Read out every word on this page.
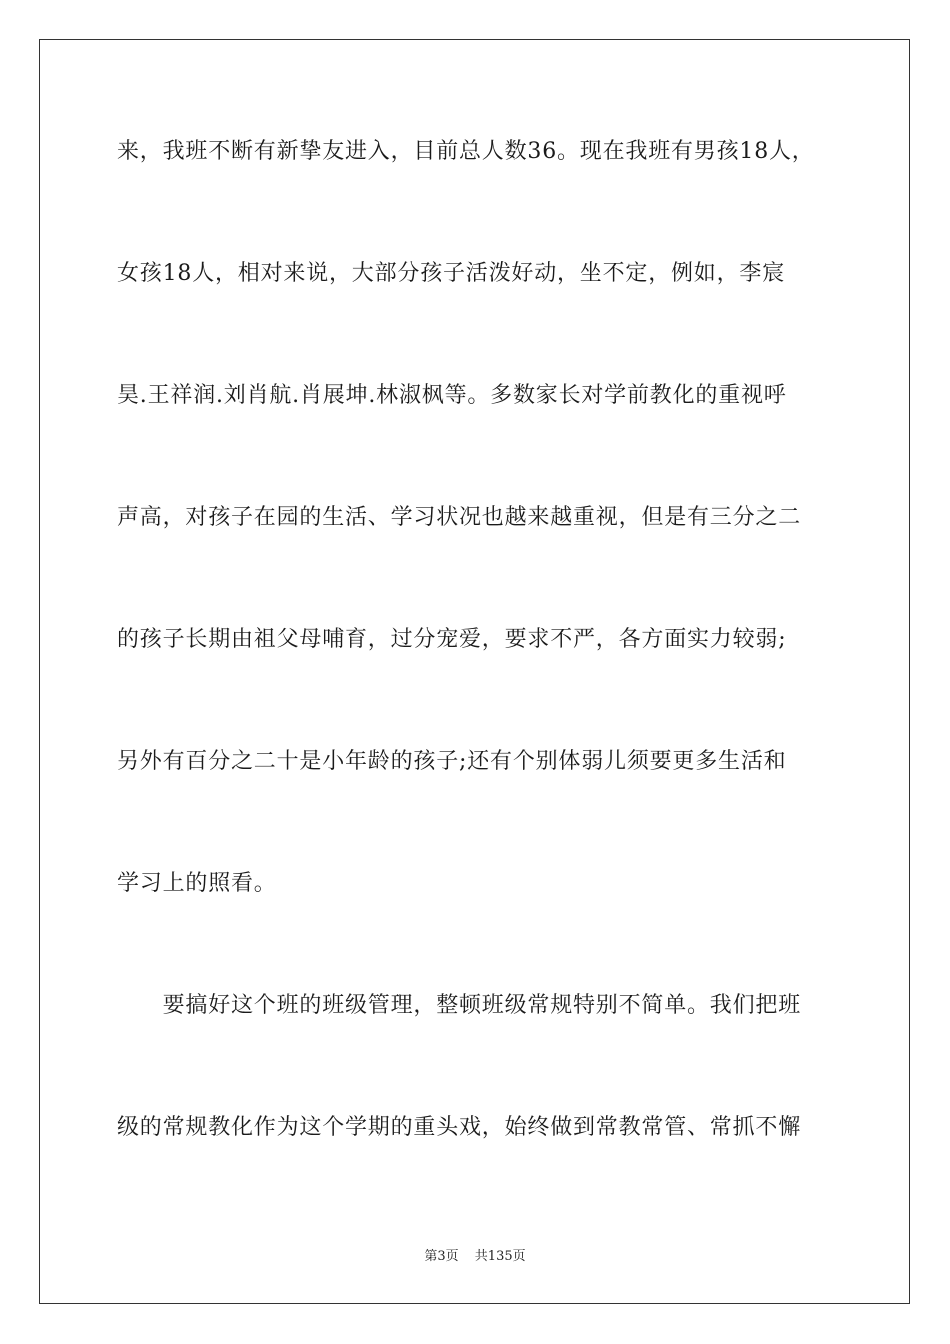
来，我班不断有新挚友进入，目前总人数36。现在我班有男孩18人，
女孩18人，相对来说，大部分孩子活泼好动，坐不定，例如，李宸
昊.王祥润.刘肖航.肖展坤.林淑枫等。多数家长对学前教化的重视呼
声高，对孩子在园的生活、学习状况也越来越重视，但是有三分之二
的孩子长期由祖父母哺育，过分宠爱，要求不严，各方面实力较弱;
另外有百分之二十是小年龄的孩子;还有个别体弱儿须要更多生活和
学习上的照看。
　　要搞好这个班的班级管理，整顿班级常规特别不简单。我们把班
级的常规教化作为这个学期的重头戏，始终做到常教常管、常抓不懈
第3页 共135页
